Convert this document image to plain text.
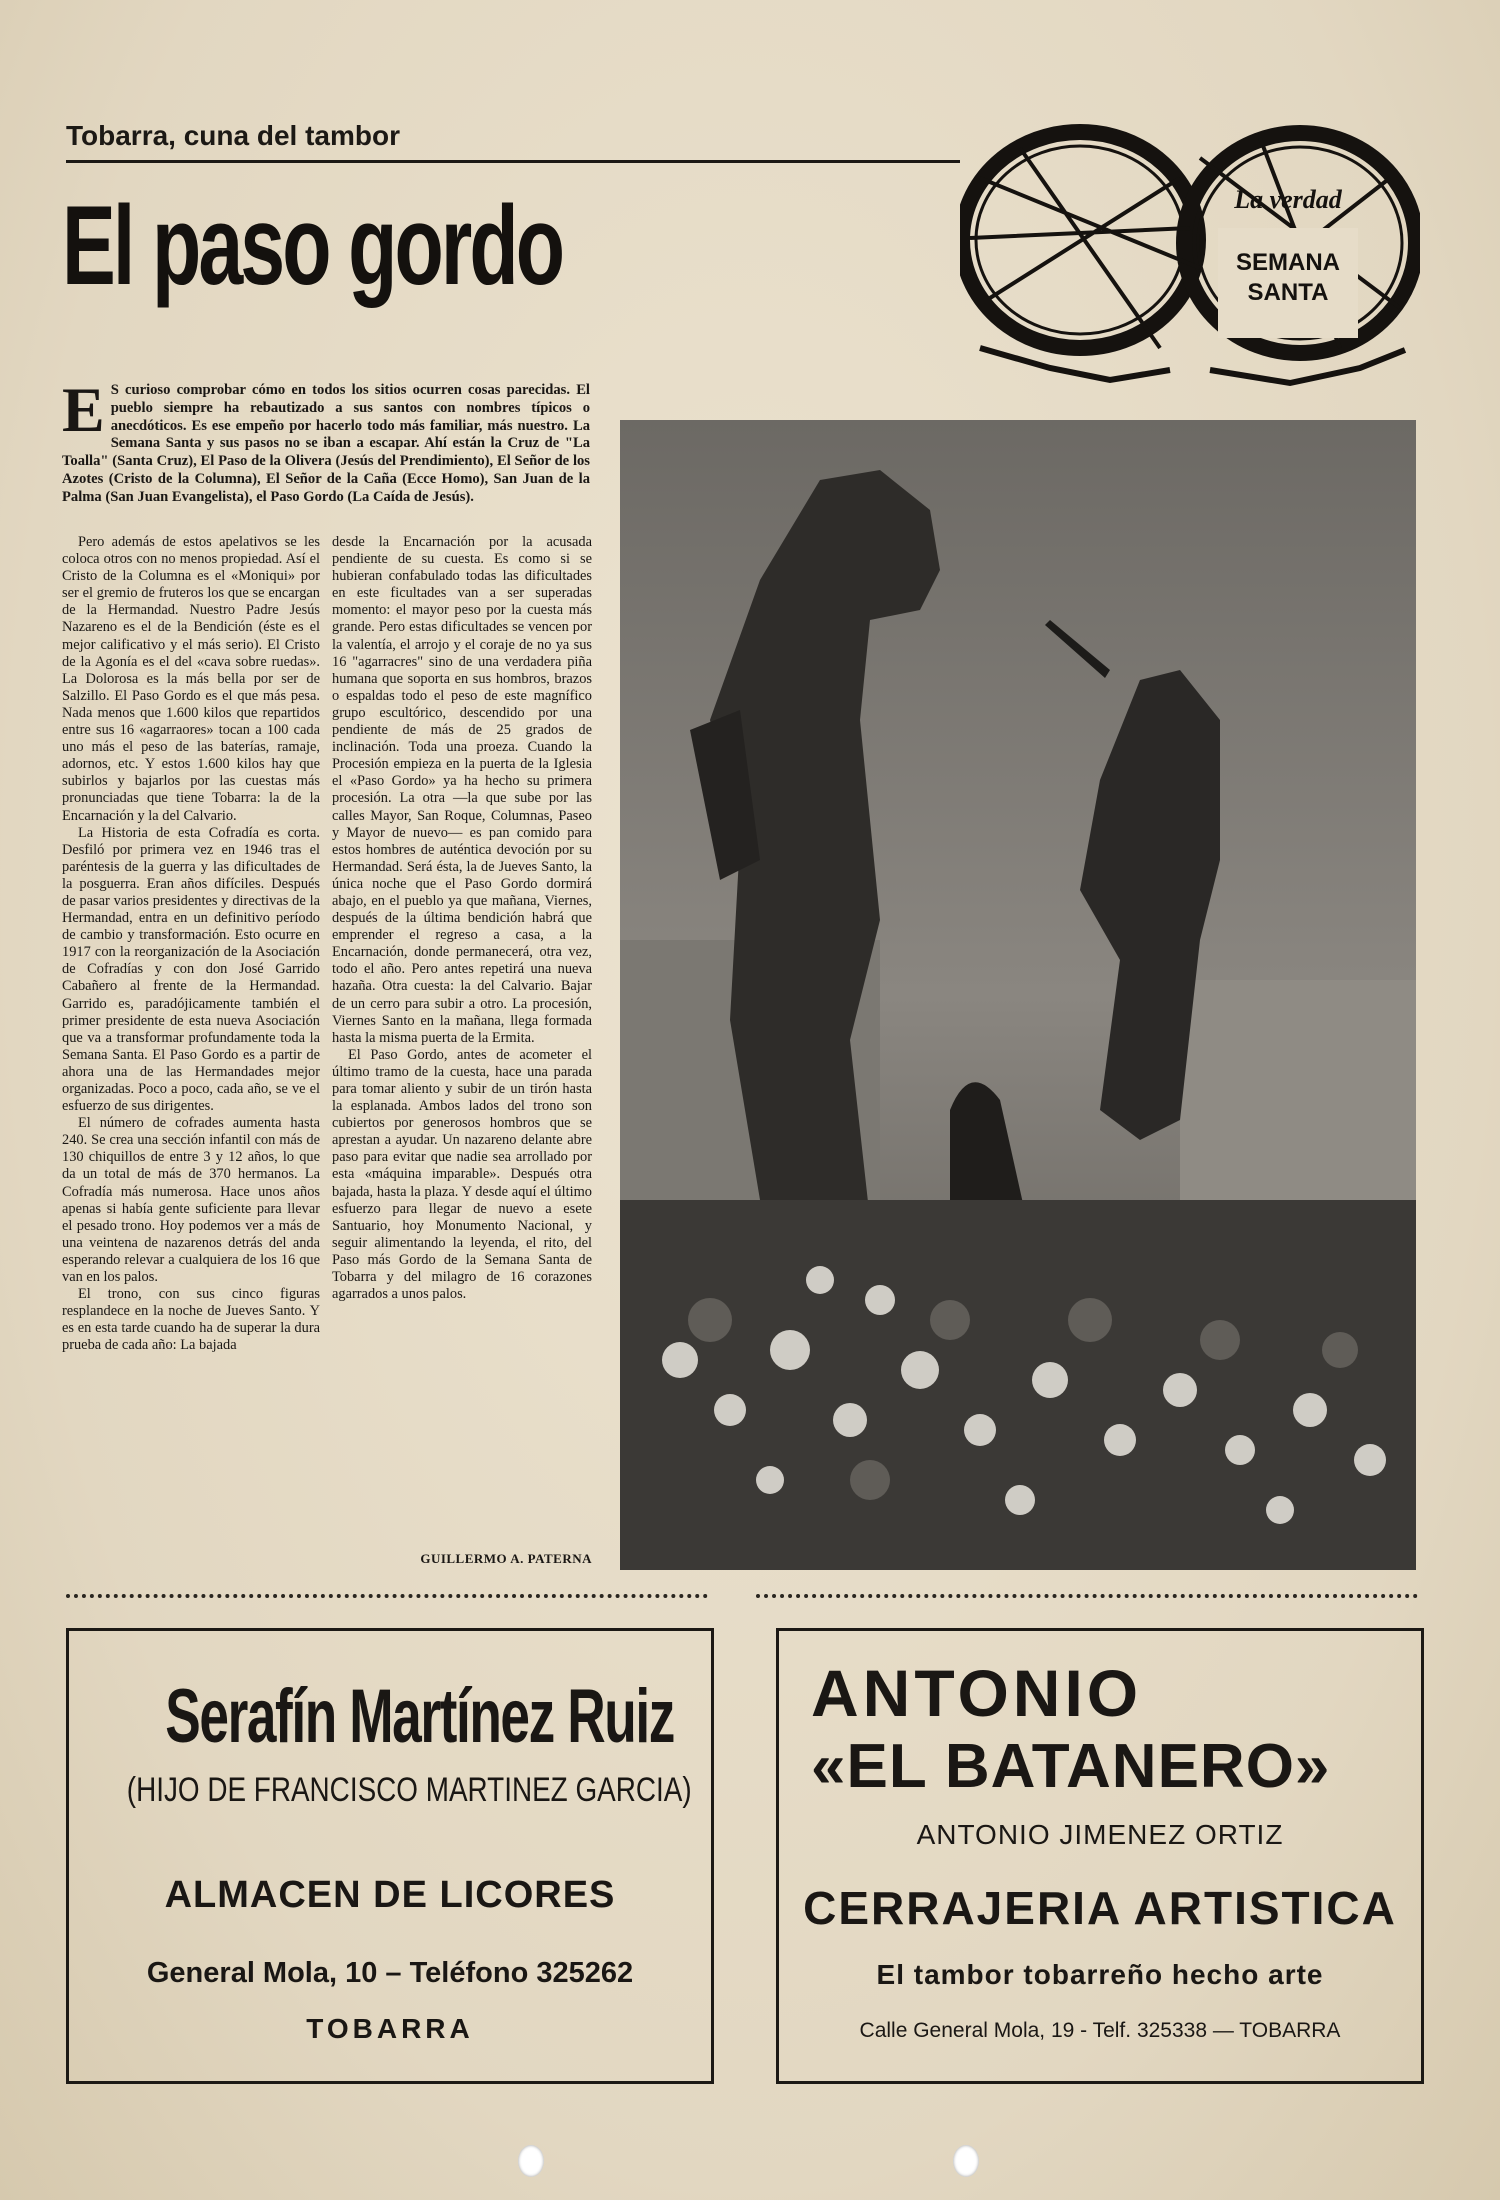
Tobarra, cuna del tambor
El paso gordo	La verdad
SEMANA
SANTA
E S curioso comprobar cómo en todos los sitios ocurren cosas parecidas. El pueblo siempre ha rebautizado a sus santos con nombres típicos o anecdóticos. Es ese empeño por hacerlo todo más familiar, más nuestro. La Semana Santa y sus pasos no se iban a escapar. Ahí están la Cruz de "La Toalla" (Santa Cruz), El Paso de la Olivera (Jesús del Prendimiento), El Señor de los Azotes (Cristo de la Columna), El Señor de la Caña (Ecce Homo), San Juan de la Palma (San Juan Evangelista), el Paso Gordo (La Caída de Jesús).

Pero además de estos apelativos se les coloca otros con no menos propiedad. Así el Cristo de la Columna es el «Moniqui» por ser el gremio de fruteros los que se encargan de la Hermandad. Nuestro Padre Jesús Nazareno es el de la Bendición (éste es el mejor calificativo y el más serio). El Cristo de la Agonía es el del «cava sobre ruedas». La Dolorosa es la más bella por ser de Salzillo. El Paso Gordo es el que más pesa. Nada menos que 1.600 kilos que repartidos entre sus 16 «agarraores» tocan a 100 cada uno más el peso de las baterías, ramaje, adornos, etc. Y estos 1.600 kilos hay que subirlos y bajarlos por las cuestas más pronunciadas que tiene Tobarra: la de la Encarnación y la del Calvario.

La Historia de esta Cofradía es corta. Desfiló por primera vez en 1946 tras el paréntesis de la guerra y las dificultades de la posguerra. Eran años difíciles. Después de pasar varios presidentes y directivas de la Hermandad, entra en un definitivo período de cambio y transformación. Esto ocurre en 1917 con la reorganización de la Asociación de Cofradías y con don José Garrido Cabañero al frente de la Hermandad. Garrido es, paradójicamente también el primer presidente de esta nueva Asociación que va a transformar profundamente toda la Semana Santa. El Paso Gordo es a partir de ahora una de las Hermandades mejor organizadas. Poco a poco, cada año, se ve el esfuerzo de sus dirigentes.

El número de cofrades aumenta hasta 240. Se crea una sección infantil con más de 130 chiquillos de entre 3 y 12 años, lo que da un total de más de 370 hermanos. La Cofradía más numerosa. Hace unos años apenas si había gente suficiente para llevar el pesado trono. Hoy podemos ver a más de una veintena de nazarenos detrás del anda esperando relevar a cualquiera de los 16 que van en los palos.

El trono, con sus cinco figuras resplandece en la noche de Jueves Santo. Y es en esta tarde cuando ha de superar la dura prueba de cada año: La bajada

desde la Encarnación por la acusada pendiente de su cuesta. Es como si se hubieran confabulado todas las dificultades en este ficultades van a ser superadas momento: el mayor peso por la cuesta más grande. Pero estas dificultades se vencen por la valentía, el arrojo y el coraje de no ya sus 16 "agarracres" sino de una verdadera piña humana que soporta en sus hombros, brazos o espaldas todo el peso de este magnífico grupo escultórico, descendido por una pendiente de más de 25 grados de inclinación. Toda una proeza. Cuando la Procesión empieza en la puerta de la Iglesia el «Paso Gordo» ya ha hecho su primera procesión. La otra —la que sube por las calles Mayor, San Roque, Columnas, Paseo y Mayor de nuevo— es pan comido para estos hombres de auténtica devoción por su Hermandad. Será ésta, la de Jueves Santo, la única noche que el Paso Gordo dormirá abajo, en el pueblo ya que mañana, Viernes, después de la última bendición habrá que emprender el regreso a casa, a la Encarnación, donde permanecerá, otra vez, todo el año. Pero antes repetirá una nueva hazaña. Otra cuesta: la del Calvario. Bajar de un cerro para subir a otro. La procesión, Viernes Santo en la mañana, llega formada hasta la misma puerta de la Ermita.

El Paso Gordo, antes de acometer el último tramo de la cuesta, hace una parada para tomar aliento y subir de un tirón hasta la esplanada. Ambos lados del trono son cubiertos por generosos hombros que se aprestan a ayudar. Un nazareno delante abre paso para evitar que nadie sea arrollado por esta «máquina imparable». Después otra bajada, hasta la plaza. Y desde aquí el último esfuerzo para llegar de nuevo a esete Santuario, hoy Monumento Nacional, y seguir alimentando la leyenda, el rito, del Paso más Gordo de la Semana Santa de Tobarra y del milagro de 16 corazones agarrados a unos palos.

GUILLERMO A. PATERNA
Serafín Martínez Ruiz
(HIJO DE FRANCISCO MARTINEZ GARCIA)
ALMACEN DE LICORES
General Mola, 10 – Teléfono 325262
TOBARRA
ANTONIO
«EL BATANERO»
ANTONIO JIMENEZ ORTIZ
CERRAJERIA ARTISTICA
El tambor tobarreño hecho arte
Calle General Mola, 19 - Telf. 325338 — TOBARRA
